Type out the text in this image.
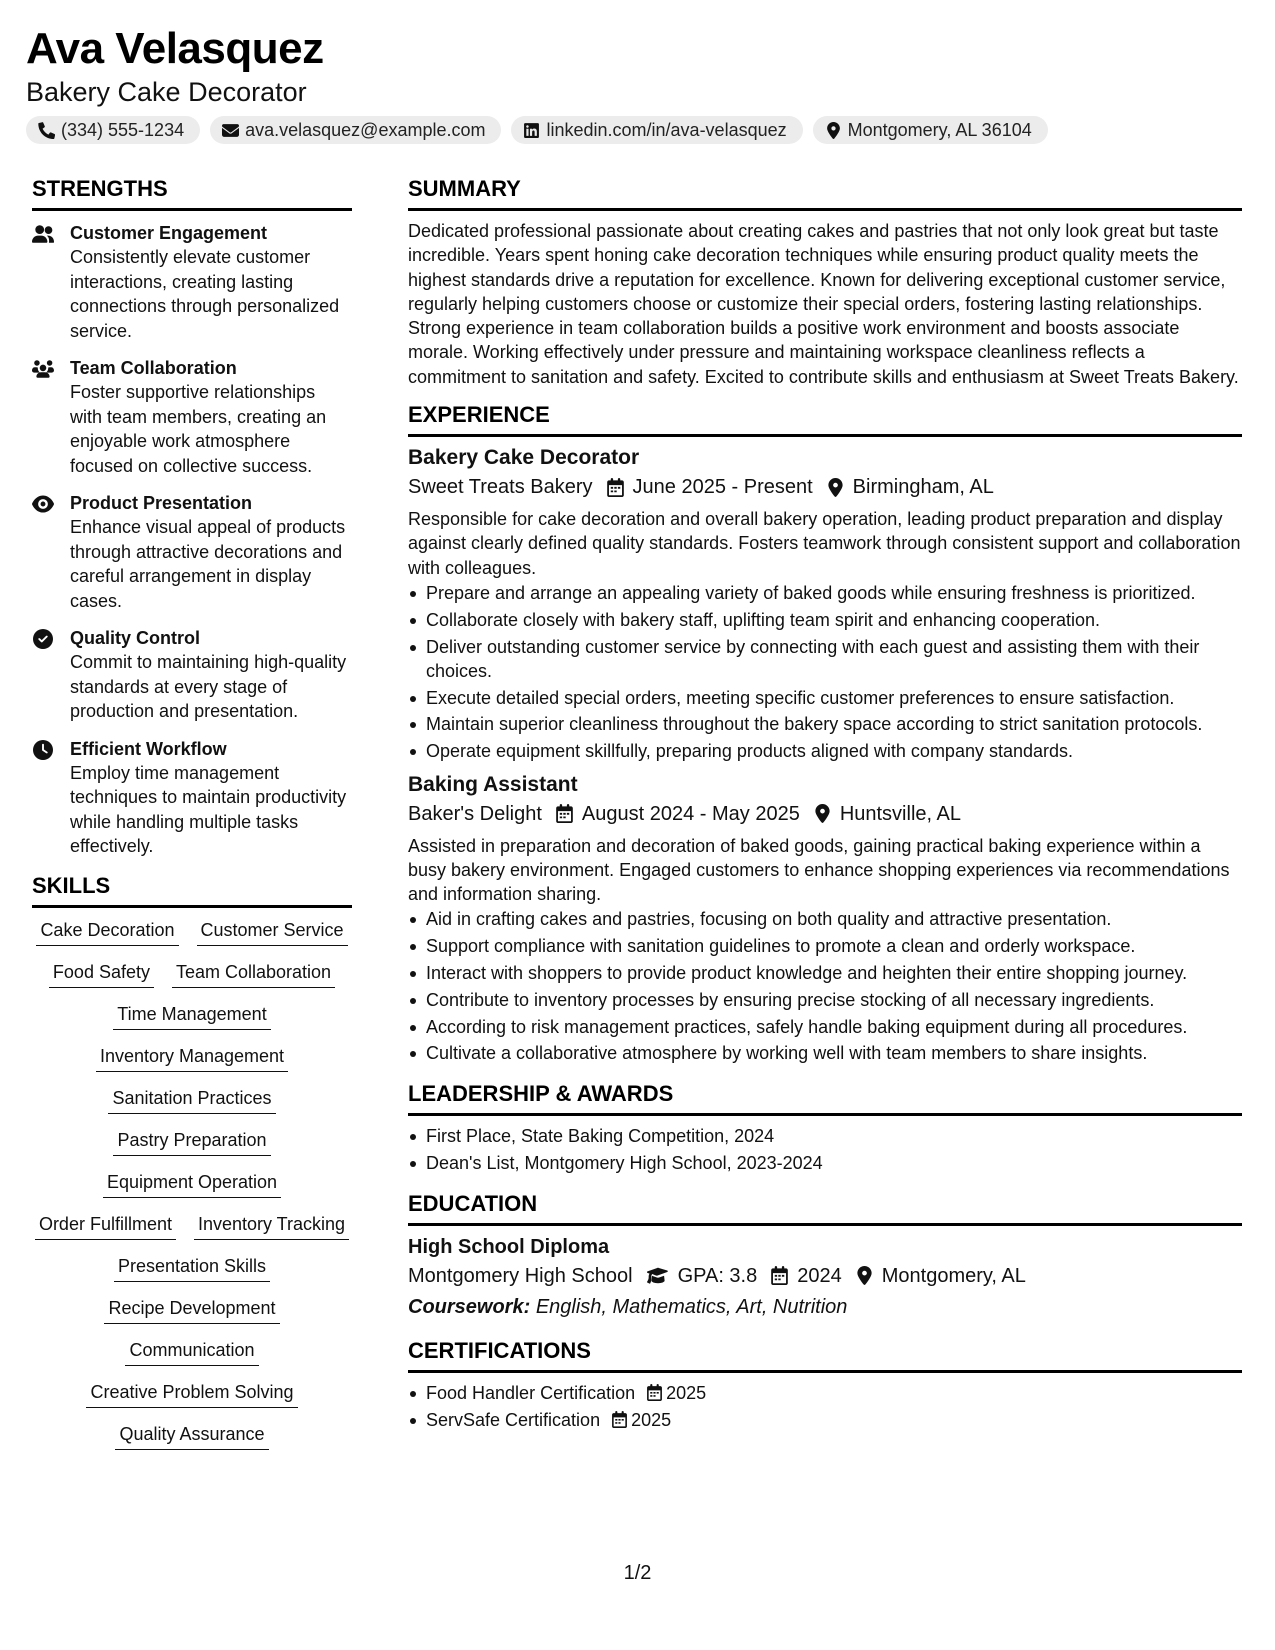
Ava Velasquez
Bakery Cake Decorator
(334) 555-1234	ava.velasquez@example.com	linkedin.com/in/ava-velasquez	Montgomery, AL 36104
STRENGTHS
Customer Engagement
Consistently elevate customer interactions, creating lasting connections through personalized service.
Team Collaboration
Foster supportive relationships with team members, creating an enjoyable work atmosphere focused on collective success.
Product Presentation
Enhance visual appeal of products through attractive decorations and careful arrangement in display cases.
Quality Control
Commit to maintaining high-quality standards at every stage of production and presentation.
Efficient Workflow
Employ time management techniques to maintain productivity while handling multiple tasks effectively.
SKILLS
Cake Decoration Customer Service
Food Safety Team Collaboration
Time Management
Inventory Management
Sanitation Practices
Pastry Preparation
Equipment Operation
Order Fulfillment Inventory Tracking
Presentation Skills
Recipe Development
Communication
Creative Problem Solving
Quality Assurance
SUMMARY
Dedicated professional passionate about creating cakes and pastries that not only look great but taste incredible. Years spent honing cake decoration techniques while ensuring product quality meets the highest standards drive a reputation for excellence. Known for delivering exceptional customer service, regularly helping customers choose or customize their special orders, fostering lasting relationships. Strong experience in team collaboration builds a positive work environment and boosts associate morale. Working effectively under pressure and maintaining workspace cleanliness reflects a commitment to sanitation and safety. Excited to contribute skills and enthusiasm at Sweet Treats Bakery.
EXPERIENCE
Bakery Cake Decorator
Sweet Treats Bakery June 2025 - Present Birmingham, AL
Responsible for cake decoration and overall bakery operation, leading product preparation and display against clearly defined quality standards. Fosters teamwork through consistent support and collaboration with colleagues.
Prepare and arrange an appealing variety of baked goods while ensuring freshness is prioritized.
Collaborate closely with bakery staff, uplifting team spirit and enhancing cooperation.
Deliver outstanding customer service by connecting with each guest and assisting them with their choices.
Execute detailed special orders, meeting specific customer preferences to ensure satisfaction.
Maintain superior cleanliness throughout the bakery space according to strict sanitation protocols.
Operate equipment skillfully, preparing products aligned with company standards.
Baking Assistant
Baker's Delight August 2024 - May 2025 Huntsville, AL
Assisted in preparation and decoration of baked goods, gaining practical baking experience within a busy bakery environment. Engaged customers to enhance shopping experiences via recommendations and information sharing.
Aid in crafting cakes and pastries, focusing on both quality and attractive presentation.
Support compliance with sanitation guidelines to promote a clean and orderly workspace.
Interact with shoppers to provide product knowledge and heighten their entire shopping journey.
Contribute to inventory processes by ensuring precise stocking of all necessary ingredients.
According to risk management practices, safely handle baking equipment during all procedures.
Cultivate a collaborative atmosphere by working well with team members to share insights.
LEADERSHIP & AWARDS
First Place, State Baking Competition, 2024
Dean's List, Montgomery High School, 2023-2024
EDUCATION
High School Diploma
Montgomery High School GPA: 3.8 2024 Montgomery, AL
Coursework: English, Mathematics, Art, Nutrition
CERTIFICATIONS
Food Handler Certification 2025
ServSafe Certification 2025
1/2
